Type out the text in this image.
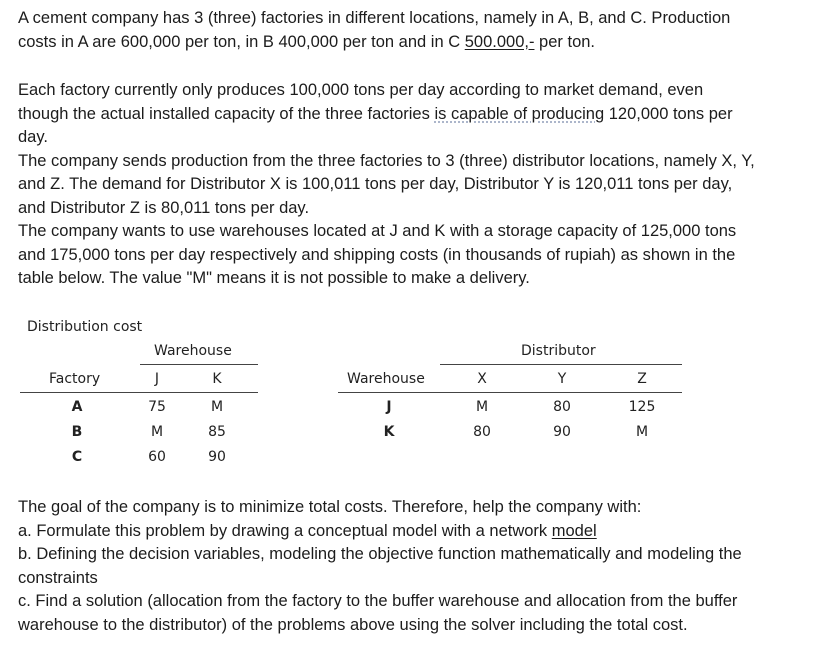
A cement company has 3 (three) factories in different locations, namely in A, B, and C. Production
costs in A are 600,000 per ton, in B 400,000 per ton and in C 500.000,- per ton.
Each factory currently only produces 100,000 tons per day according to market demand, even
though the actual installed capacity of the three factories is capable of producing 120,000 tons per
day.
The company sends production from the three factories to 3 (three) distributor locations, namely X, Y,
and Z. The demand for Distributor X is 100,011 tons per day, Distributor Y is 120,011 tons per day,
and Distributor Z is 80,011 tons per day.
The company wants to use warehouses located at J and K with a storage capacity of 125,000 tons
and 175,000 tons per day respectively and shipping costs (in thousands of rupiah) as shown in the
table below. The value "M" means it is not possible to make a delivery.
Distribution cost
Warehouse
Factory	J	K
A	75	M
B	M	85
C	60	90
Distributor
Warehouse	X	Y	Z
J	M	80	125
K	80	90	M
The goal of the company is to minimize total costs. Therefore, help the company with:
a. Formulate this problem by drawing a conceptual model with a network model
b. Defining the decision variables, modeling the objective function mathematically and modeling the
constraints
c. Find a solution (allocation from the factory to the buffer warehouse and allocation from the buffer
warehouse to the distributor) of the problems above using the solver including the total cost.
